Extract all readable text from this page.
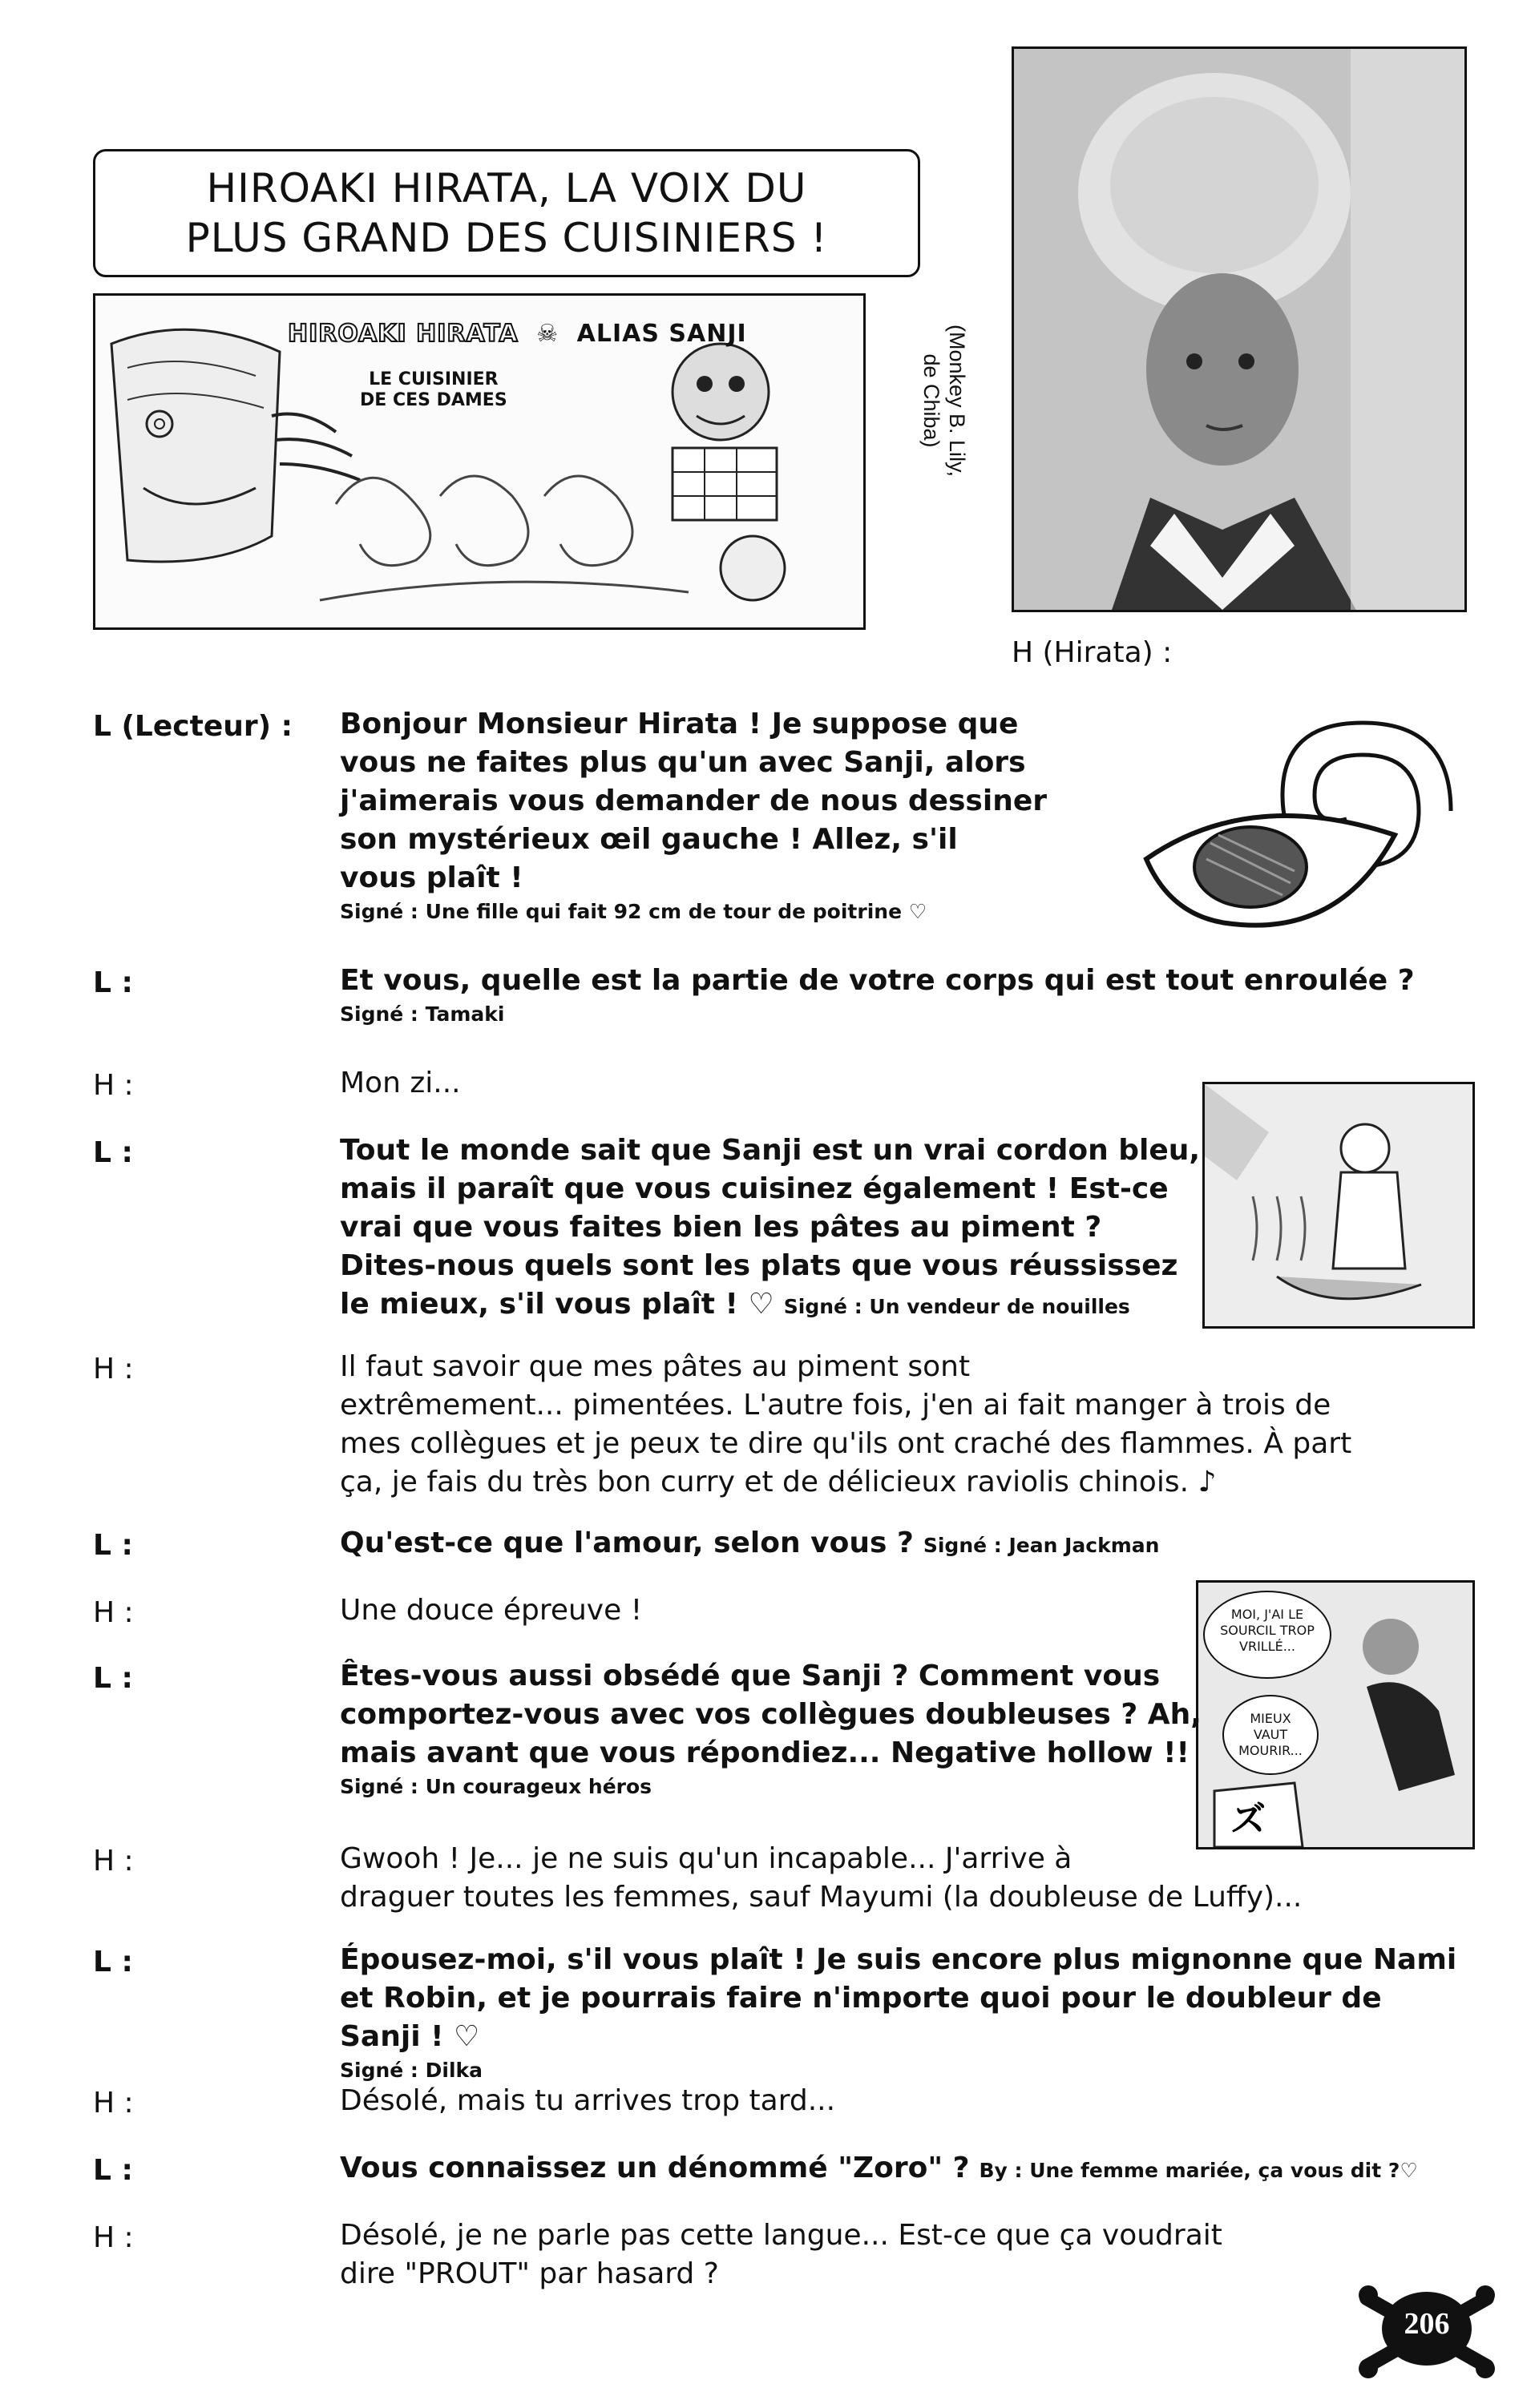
HIROAKI HIRATA, LA VOIX DU
PLUS GRAND DES CUISINIERS !
HIROAKI HIRATA ☠ ALIAS SANJI
LE CUISINIER
DE CES DAMES	(Monkey B. Lily,
de Chiba)
H (Hirata) :
ズ
MOI, J'AI LE
SOURCIL TROP
VRILLÉ...
MIEUX
VAUT
MOURIR...
L (Lecteur) : Bonjour Monsieur Hirata ! Je suppose que
vous ne faites plus qu'un avec Sanji, alors
j'aimerais vous demander de nous dessiner
son mystérieux œil gauche ! Allez, s'il
vous plaît !
Signé : Une fille qui fait 92 cm de tour de poitrine ♡
L :	Et vous, quelle est la partie de votre corps qui est tout enroulée ?
Signé : Tamaki
H :	Mon zi...
L :	Tout le monde sait que Sanji est un vrai cordon bleu,
mais il paraît que vous cuisinez également ! Est-ce
vrai que vous faites bien les pâtes au piment ?
Dites-nous quels sont les plats que vous réussissez
le mieux, s'il vous plaît ! ♡ Signé : Un vendeur de nouilles
H :	Il faut savoir que mes pâtes au piment sont
extrêmement... pimentées. L'autre fois, j'en ai fait manger à trois de
mes collègues et je peux te dire qu'ils ont craché des flammes. À part
ça, je fais du très bon curry et de délicieux raviolis chinois. ♪
L :	Qu'est-ce que l'amour, selon vous ? Signé : Jean Jackman
H :	Une douce épreuve !
L :	Êtes-vous aussi obsédé que Sanji ? Comment vous
comportez-vous avec vos collègues doubleuses ? Ah,
mais avant que vous répondiez... Negative hollow !!
Signé : Un courageux héros
H :	Gwooh ! Je... je ne suis qu'un incapable... J'arrive à
draguer toutes les femmes, sauf Mayumi (la doubleuse de Luffy)...
L :	Épousez-moi, s'il vous plaît ! Je suis encore plus mignonne que Nami
et Robin, et je pourrais faire n'importe quoi pour le doubleur de Sanji ! ♡
Signé : Dilka
H :	Désolé, mais tu arrives trop tard...
L :	Vous connaissez un dénommé "Zoro" ? By : Une femme mariée, ça vous dit ?♡
H :	Désolé, je ne parle pas cette langue... Est-ce que ça voudrait
dire "PROUT" par hasard ?
206
